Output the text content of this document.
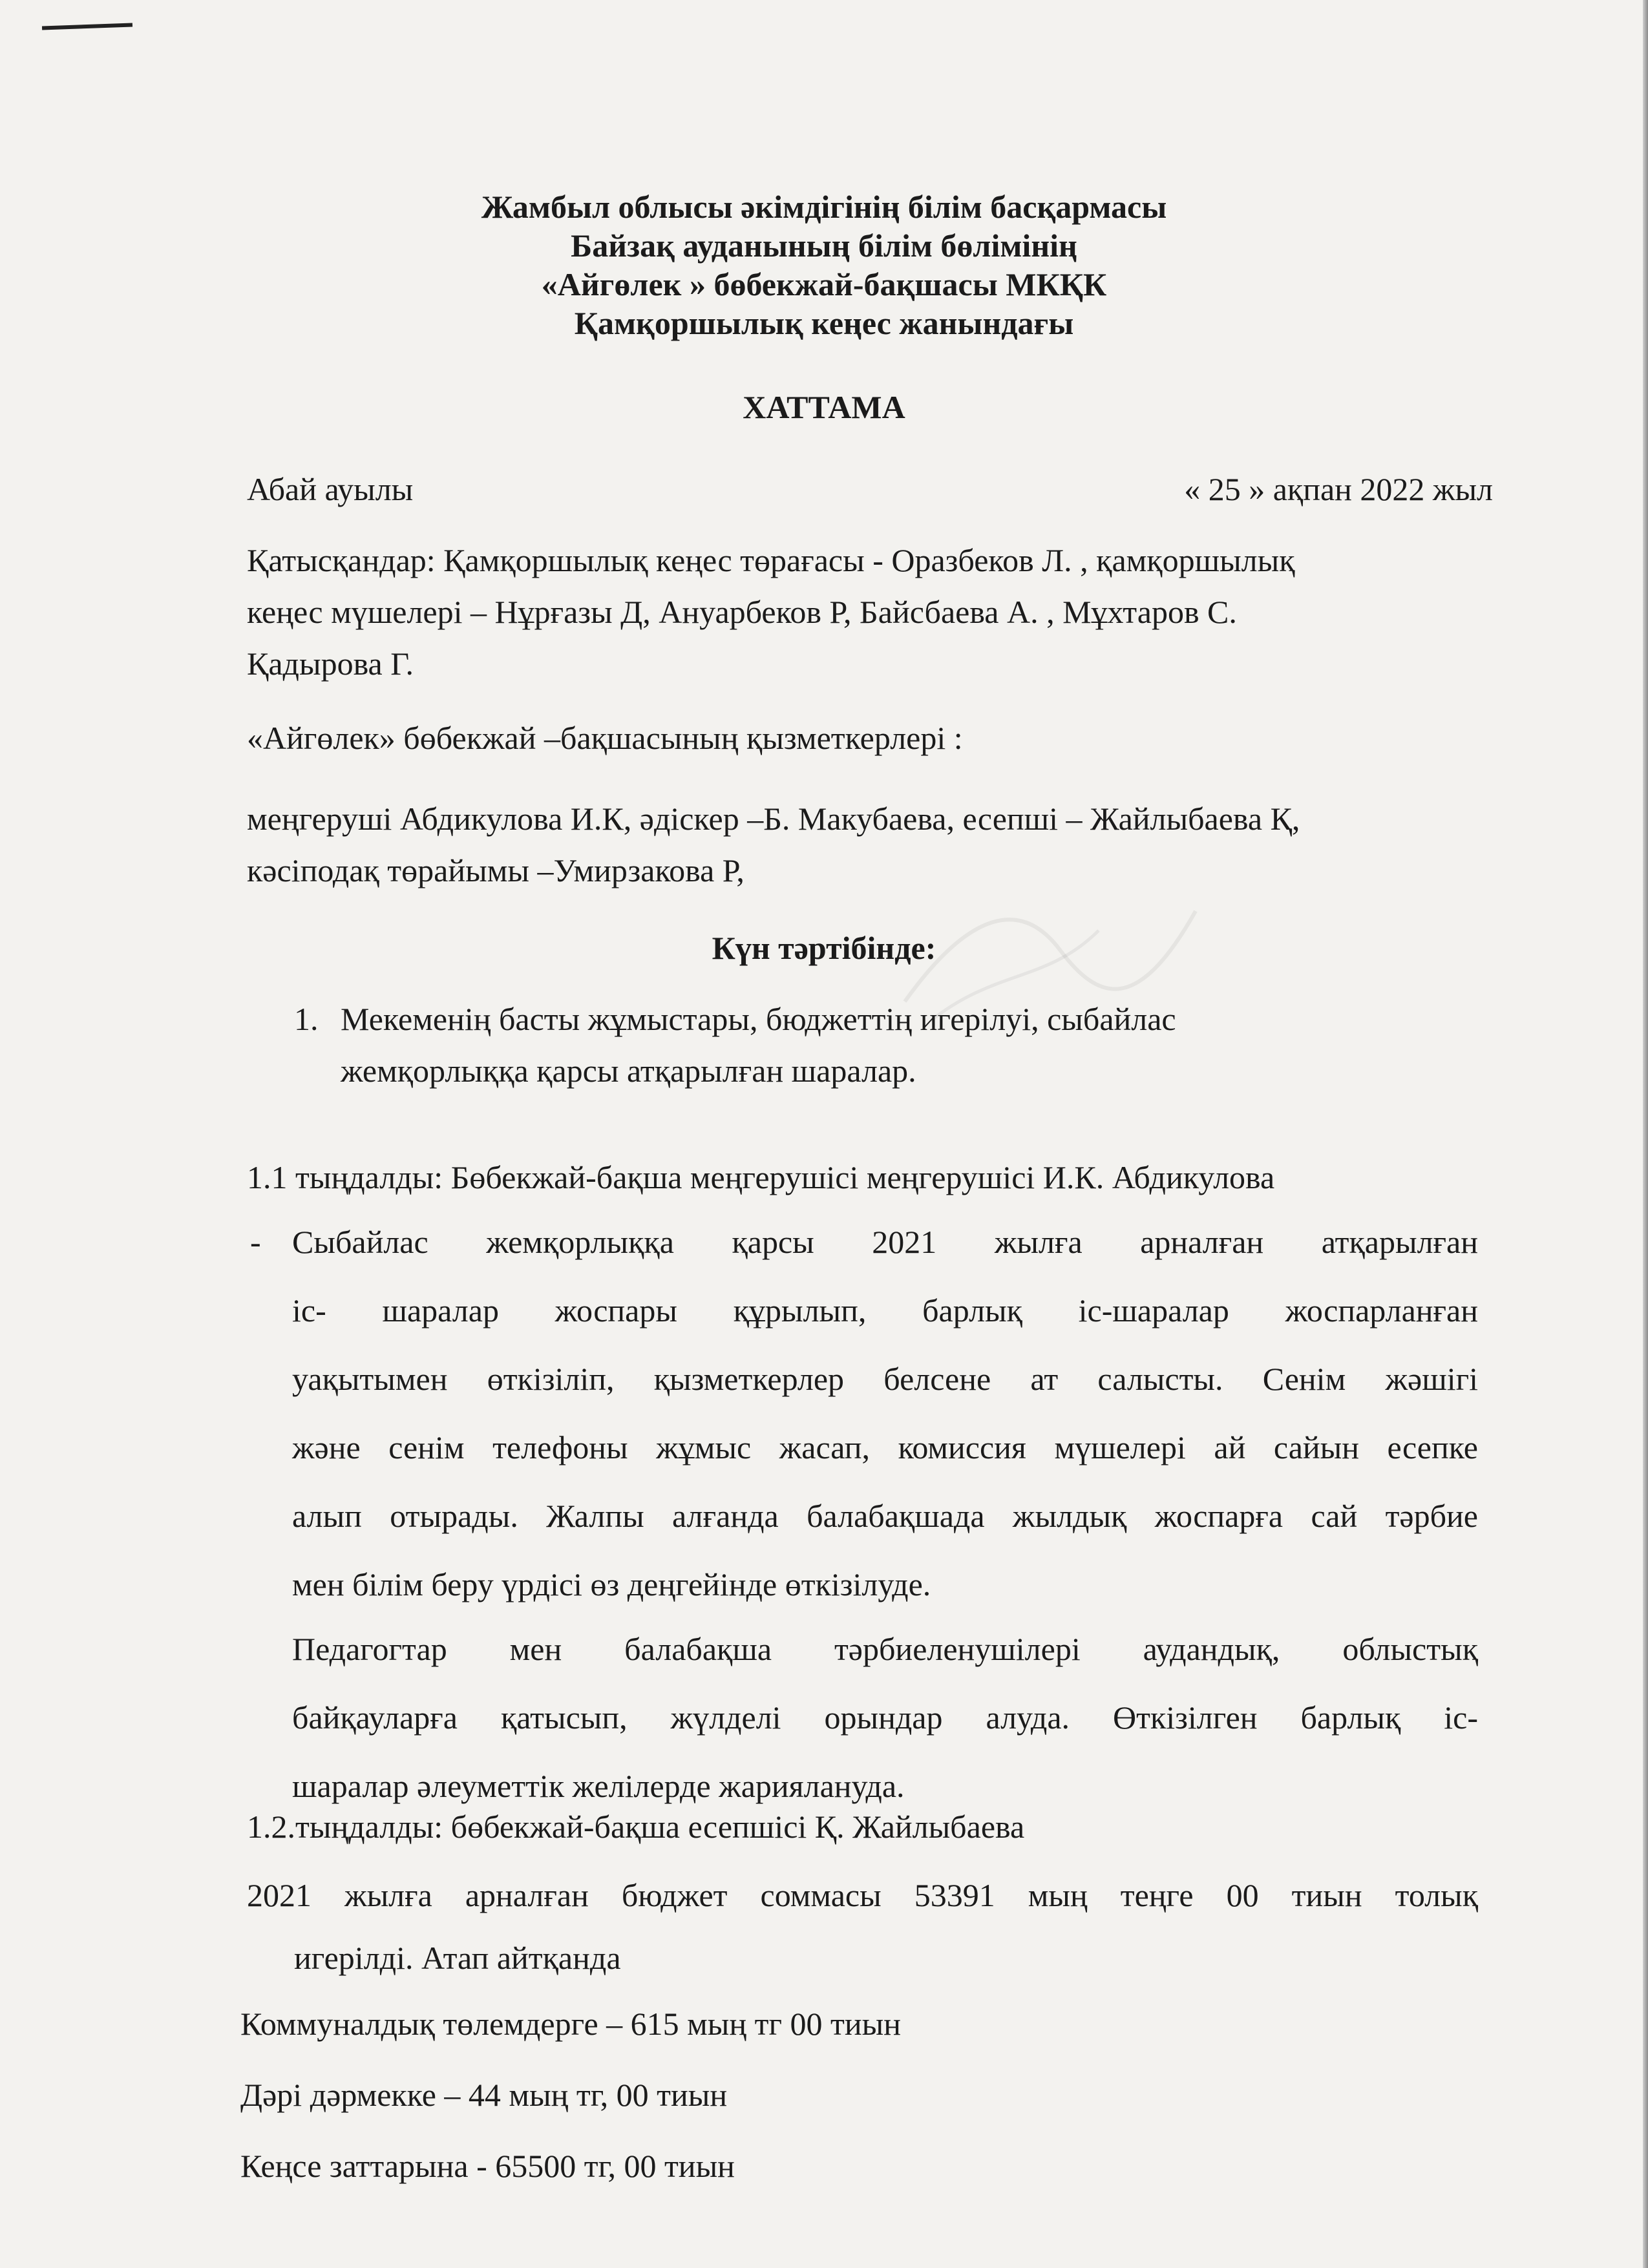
Жамбыл облысы әкімдігінің білім басқармасы
Байзақ ауданының білім бөлімінің
«Айгөлек » бөбекжай-бақшасы МКҚК
Қамқоршылық кеңес жанындағы
ХАТТАМА
Абай ауылы	« 25 » ақпан 2022 жыл
Қатысқандар: Қамқоршылық кеңес төрағасы - Оразбеков Л. , қамқоршылық
кеңес мүшелері – Нұрғазы Д, Ануарбеков Р, Байсбаева А. , Мұхтаров С.
Қадырова Г.
«Айгөлек» бөбекжай –бақшасының қызметкерлері :
меңгеруші Абдикулова И.К, әдіскер –Б. Макубаева, есепші – Жайлыбаева Қ,
кәсіподақ төрайымы –Умирзакова Р,
Күн тәртібінде:
1. Мекеменің басты жұмыстары, бюджеттің игерілуі, сыбайлас
жемқорлыққа қарсы атқарылған шаралар.
1.1 тыңдалды: Бөбекжай-бақша меңгерушісі меңгерушісі И.К. Абдикулова
- Сыбайлас жемқорлыққа қарсы 2021 жылға арналған атқарылған
іс- шаралар жоспары құрылып, барлық іс-шаралар жоспарланған
уақытымен өткізіліп, қызметкерлер белсене ат салысты. Сенім жәшігі
және сенім телефоны жұмыс жасап, комиссия мүшелері ай сайын есепке
алып отырады. Жалпы алғанда балабақшада жылдық жоспарға сай тәрбие
мен білім беру үрдісі өз деңгейінде өткізілуде.
Педагогтар мен балабақша тәрбиеленушілері аудандық, облыстық
байқауларға қатысып, жүлделі орындар алуда. Өткізілген барлық іс-
шаралар әлеуметтік желілерде жариялануда.
1.2.тыңдалды: бөбекжай-бақша есепшісі Қ. Жайлыбаева
2021 жылға арналған бюджет соммасы 53391 мың теңге 00 тиын толық
игерілді. Атап айтқанда
Коммуналдық төлемдерге – 615 мың тг 00 тиын
Дәрі дәрмекке – 44 мың тг, 00 тиын
Кеңсе заттарына - 65500 тг, 00 тиын
